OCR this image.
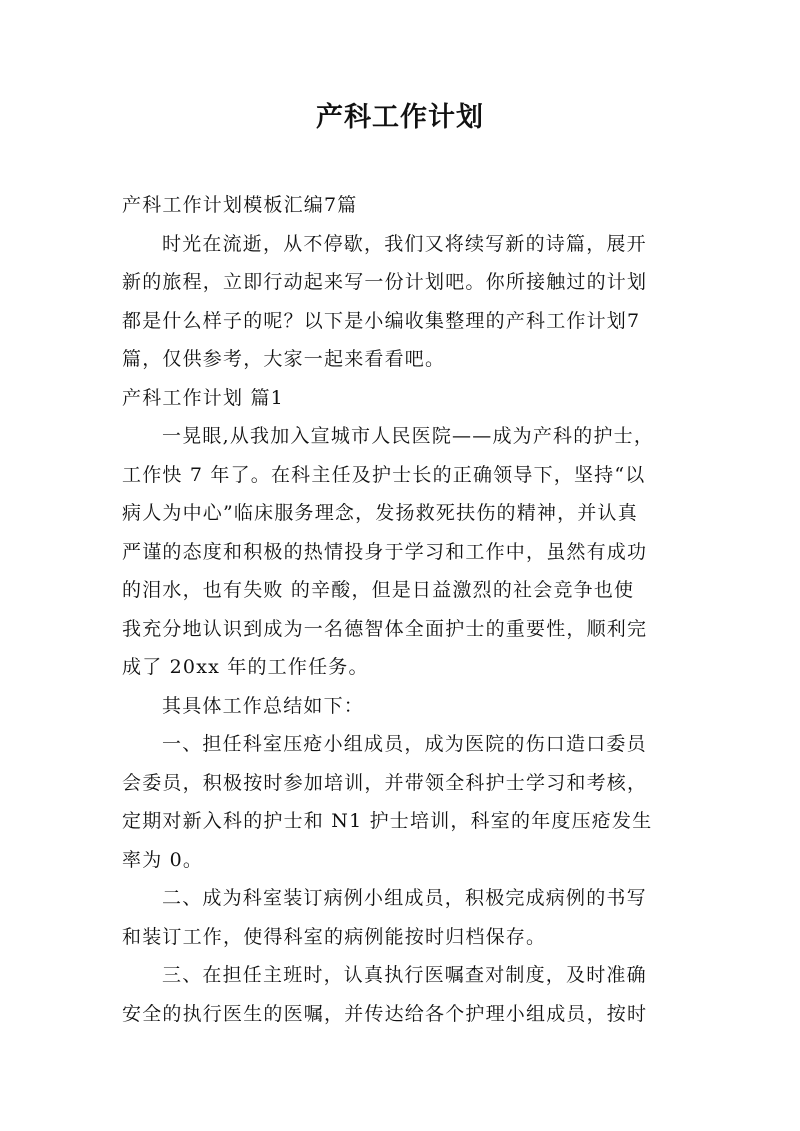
产科工作计划
产科工作计划模板汇编7篇
时光在流逝，从不停歇，我们又将续写新的诗篇，展开
新的旅程，立即行动起来写一份计划吧。你所接触过的计划
都是什么样子的呢？以下是小编收集整理的产科工作计划7
篇，仅供参考，大家一起来看看吧。
产科工作计划 篇1
一晃眼,从我加入宣城市人民医院——成为产科的护士，
工作快 7 年了。在科主任及护士长的正确领导下，坚持“以
病人为中心”临床服务理念，发扬救死扶伤的精神，并认真
严谨的态度和积极的热情投身于学习和工作中，虽然有成功
的泪水，也有失败 的辛酸，但是日益激烈的社会竞争也使
我充分地认识到成为一名德智体全面护士的重要性，顺利完
成了 20xx 年的工作任务。
其具体工作总结如下：
一、担任科室压疮小组成员，成为医院的伤口造口委员
会委员，积极按时参加培训，并带领全科护士学习和考核，
定期对新入科的护士和 N1 护士培训，科室的年度压疮发生
率为 0。
二、成为科室装订病例小组成员，积极完成病例的书写
和装订工作，使得科室的病例能按时归档保存。
三、在担任主班时，认真执行医嘱查对制度，及时准确
安全的执行医生的医嘱，并传达给各个护理小组成员，按时
